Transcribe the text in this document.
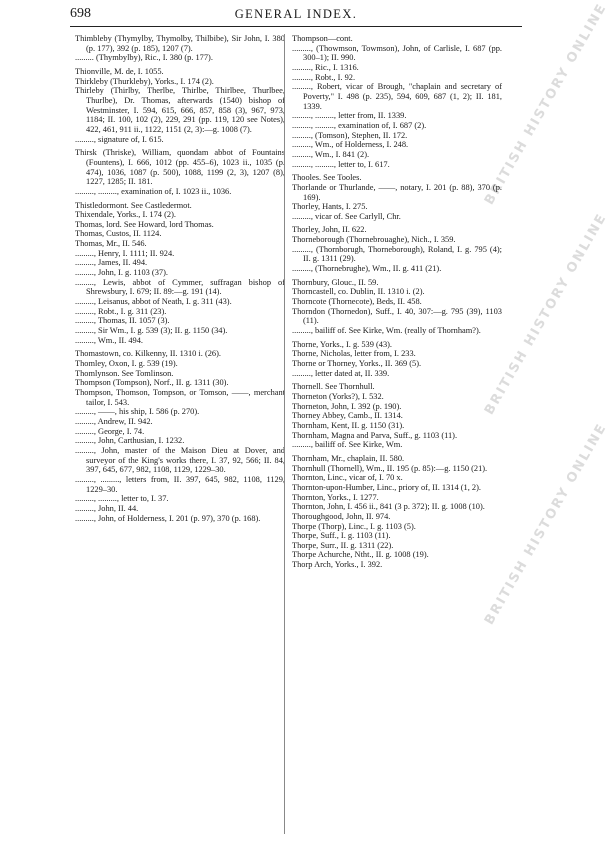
698	GENERAL INDEX.	BRITISH HISTORY ONLINE
BRITISH HISTORY ONLINE
BRITISH HISTORY ONLINE
Thimbleby (Thymylby, Thymolby, Thilbibe), Sir John, I. 380 (p. 177), 392 (p. 185), 1207 (7).
......... (Thymbylby), Ric., I. 380 (p. 177).
Thionville, M. de, I. 1055.
Thirkleby (Thurkleby), Yorks., I. 174 (2).
Thirleby (Thirlby, Therlbe, Thirlbe, Thirlbee, Thurlbee, Thurlbe), Dr. Thomas, afterwards (1540) bishop of Westminster, I. 594, 615, 666, 857, 858 (3), 967, 973, 1184; II. 100, 102 (2), 229, 291 (pp. 119, 120 see Notes), 422, 461, 911 ii., 1122, 1151 (2, 3):—g. 1008 (7).
........., signature of, I. 615.
Thirsk (Thriske), William, quondam abbot of Fountains (Fountens), I. 666, 1012 (pp. 455–6), 1023 ii., 1035 (p. 474), 1036, 1087 (p. 500), 1088, 1199 (2, 3), 1207 (8), 1227, 1285; II. 181.
........., ........., examination of, I. 1023 ii., 1036.
Thistledormont. See Castledermot.
Thixendale, Yorks., I. 174 (2).
Thomas, lord. See Howard, lord Thomas.
Thomas, Custos, II. 1124.
Thomas, Mr., II. 546.
........., Henry, I. 1111; II. 924.
........., James, II. 494.
........., John, I. g. 1103 (37).
........., Lewis, abbot of Cymmer, suffragan bishop of Shrewsbury, I. 679; II. 89:—g. 191 (14).
........., Leisanus, abbot of Neath, I. g. 311 (43).
........., Robt., I. g. 311 (23).
........., Thomas, II. 1057 (3).
........., Sir Wm., I. g. 539 (3); II. g. 1150 (34).
........., Wm., II. 494.
Thomastown, co. Kilkenny, II. 1310 i. (26).
Thomley, Oxon, I. g. 539 (19).
Thomlynson. See Tomlinson.
Thompson (Tompson), Norf., II. g. 1311 (30).
Thompson, Thomson, Tompson, or Tomson, ——, merchant tailor, I. 543.
........., ——, his ship, I. 586 (p. 270).
........., Andrew, II. 942.
........., George, I. 74.
........., John, Carthusian, I. 1232.
........., John, master of the Maison Dieu at Dover, and surveyor of the King's works there, I. 37, 92, 566; II. 84, 397, 645, 677, 982, 1108, 1129, 1229–30.
........., ........., letters from, II. 397, 645, 982, 1108, 1129, 1229–30.
........., ........., letter to, I. 37.
........., John, II. 44.
........., John, of Holderness, I. 201 (p. 97), 370 (p. 168).
Thompson—cont.
........., (Thowmson, Towmson), John, of Carlisle, I. 687 (pp. 300–1); II. 990.
........., Ric., I. 1316.
........., Robt., I. 92.
........., Robert, vicar of Brough, "chaplain and secretary of Poverty," I. 498 (p. 235), 594, 609, 687 (1, 2); II. 181, 1339.
........., ........., letter from, II. 1339.
........., ........., examination of, I. 687 (2).
........., (Tomson), Stephen, II. 172.
........., Wm., of Holderness, I. 248.
........., Wm., I. 841 (2).
........., ........., letter to, I. 617.
Thooles. See Tooles.
Thorlande or Thurlande, ——, notary, I. 201 (p. 88), 370 (p. 169).
Thorley, Hants, I. 275.
........., vicar of. See Carlyll, Chr.
Thorley, John, II. 622.
Thorneborough (Thornebrouaghe), Nich., I. 359.
........., (Thornborugh, Thorneborough), Roland, I. g. 795 (4); II. g. 1311 (29).
........., (Thornebrughe), Wm., II. g. 411 (21).
Thornbury, Glouc., II. 59.
Thorncastell, co. Dublin, II. 1310 i. (2).
Thorncote (Thornecote), Beds, II. 458.
Thorndon (Thornedon), Suff., I. 40, 307:—g. 795 (39), 1103 (11).
........., bailiff of. See Kirke, Wm. (really of Thornham?).
Thorne, Yorks., I. g. 539 (43).
Thorne, Nicholas, letter from, I. 233.
Thorne or Thorney, Yorks., II. 369 (5).
........., letter dated at, II. 339.
Thornell. See Thornhull.
Thorneton (Yorks?), I. 532.
Thorneton, John, I. 392 (p. 190).
Thorney Abbey, Camb., II. 1314.
Thornham, Kent, II. g. 1150 (31).
Thornham, Magna and Parva, Suff., g. 1103 (11).
........., bailiff of. See Kirke, Wm.
Thornham, Mr., chaplain, II. 580.
Thornhull (Thornell), Wm., II. 195 (p. 85):—g. 1150 (21).
Thornton, Linc., vicar of, I. 70 x.
Thornton-upon-Humber, Linc., priory of, II. 1314 (1, 2).
Thornton, Yorks., I. 1277.
Thornton, John, I. 456 ii., 841 (3 p. 372); II. g. 1008 (10).
Thoroughgood, John, II. 974.
Thorpe (Thorp), Linc., I. g. 1103 (5).
Thorpe, Suff., I. g. 1103 (11).
Thorpe, Surr., II. g. 1311 (22).
Thorpe Achurche, Ntht., II. g. 1008 (19).
Thorp Arch, Yorks., I. 392.
